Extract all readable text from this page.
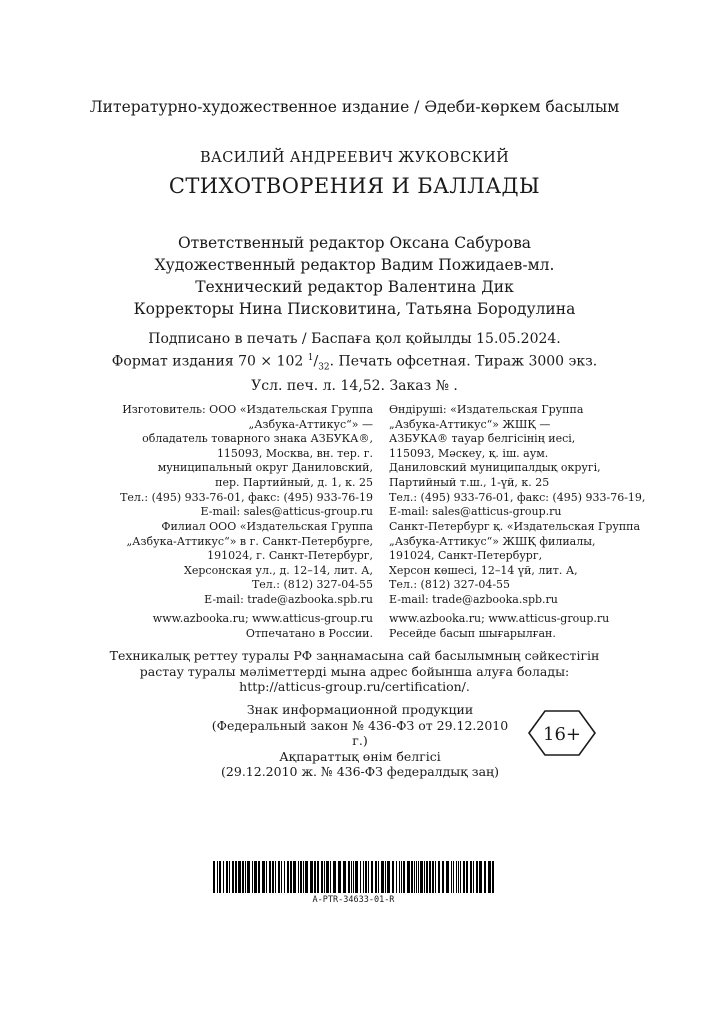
Литературно-художественное издание / Әдеби-көркем басылым
ВАСИЛИЙ АНДРЕЕВИЧ ЖУКОВСКИЙ
СТИХОТВОРЕНИЯ И БАЛЛАДЫ
Ответственный редактор Оксана Сабурова
Художественный редактор Вадим Пожидаев-мл.
Технический редактор Валентина Дик
Корректоры Нина Писковитина, Татьяна Бородулина
Подписано в печать / Баспаға қол қойылды 15.05.2024.
Формат издания 70 × 102 $^1/_{32}$. Печать офсетная. Тираж 3000 экз.
Усл. печ. л. 14,52. Заказ № .
Изготовитель: ООО «Издательская Группа
„Азбука-Аттикус“» —
обладатель товарного знака АЗБУКА®,
115093, Москва, вн. тер. г.
муниципальный округ Даниловский,
пер. Партийный, д. 1, к. 25
Тел.: (495) 933-76-01, факс: (495) 933-76-19
E-mail: sales@atticus-group.ru
Өндіруші: «Издательская Группа
„Азбука-Аттикус“» ЖШҚ —
АЗБУКА® тауар белгісінің иесі,
115093, Мәскеу, қ. іш. аум.
Даниловский муниципалдық округі,
Партийный т.ш., 1-үй, к. 25
Тел.: (495) 933-76-01, факс: (495) 933-76-19,
E-mail: sales@atticus-group.ru
Филиал ООО «Издательская Группа
„Азбука-Аттикус“» в г. Санкт-Петербурге,
191024, г. Санкт-Петербург,
Херсонская ул., д. 12–14, лит. А,
Тел.: (812) 327-04-55
E-mail: trade@azbooka.spb.ru
Санкт-Петербург қ. «Издательская Группа
„Азбука-Аттикус“» ЖШҚ филиалы,
191024, Санкт-Петербург,
Херсон көшесі, 12–14 үй, лит. А,
Тел.: (812) 327-04-55
E-mail: trade@azbooka.spb.ru
www.azbooka.ru; www.atticus-group.ru
Отпечатано в России.
www.azbooka.ru; www.atticus-group.ru
Ресейде басып шығарылған.
Техникалық реттеу туралы РФ заңнамасына сай басылымның сәйкестігін
растау туралы мәліметтерді мына адрес бойынша алуға болады:
http://atticus-group.ru/certification/.
Знак информационной продукции
(Федеральный закон № 436-ФЗ от 29.12.2010 г.)
Ақпараттық өнім белгісі
(29.12.2010 ж. № 436-ФЗ федералдық заң)
16+
A-PTR-34633-01-R
